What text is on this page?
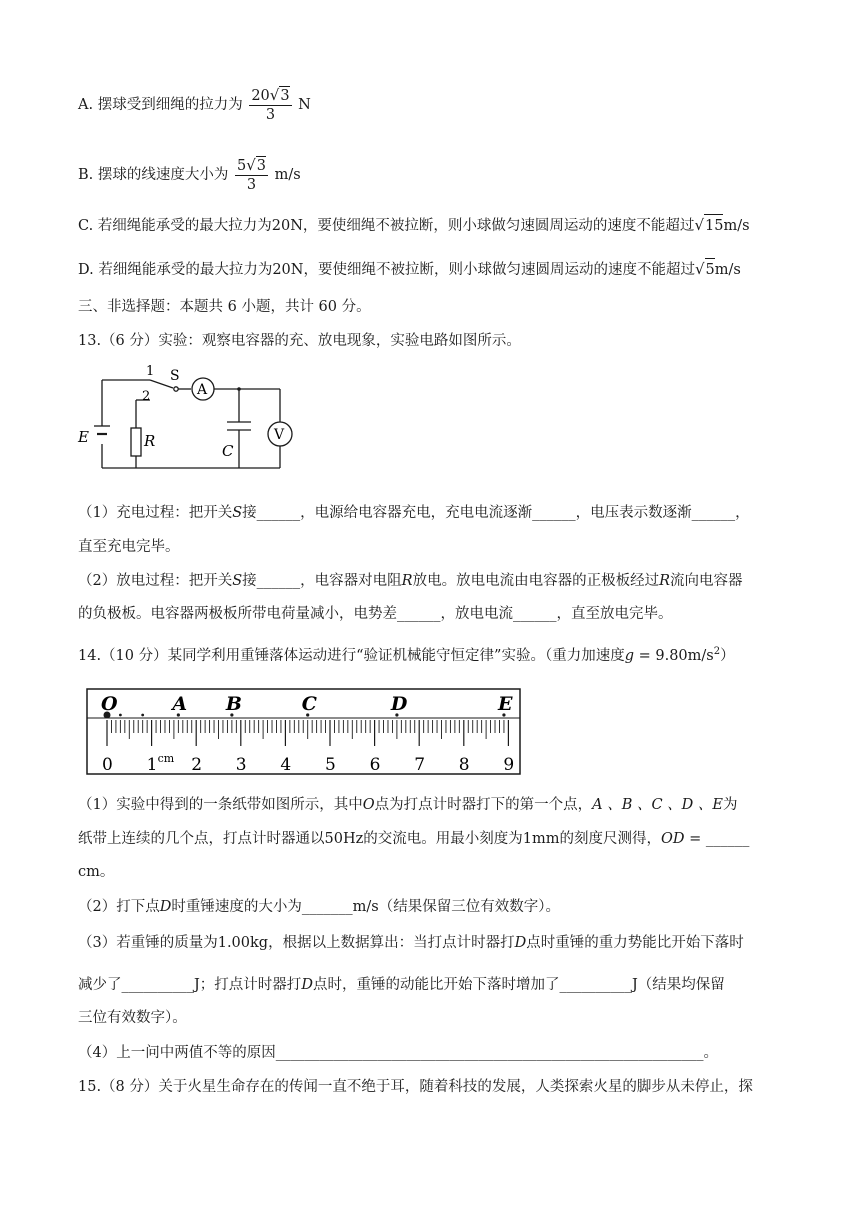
A. 摆球受到细绳的拉力为 $\frac{20√3}{3}$ N
B. 摆球的线速度大小为 $\frac{5√3}{3} m/s$
C. 若细绳能承受的最大拉力为20N，要使细绳不被拉断，则小球做匀速圆周运动的速度不能超过√15m/s
D. 若细绳能承受的最大拉力为20N，要使细绳不被拉断，则小球做匀速圆周运动的速度不能超过√5m/s
三、非选择题：本题共 6 小题，共计 60 分。
13.（6 分）实验：观察电容器的充、放电现象，实验电路如图所示。
E	R
C
S
1
2	A
V
（1）充电过程：把开关S接______，电源给电容器充电，充电电流逐渐______，电压表示数逐渐______，
直至充电完毕。
（2）放电过程：把开关S接______，电容器对电阻R放电。放电电流由电容器的正极板经过R流向电容器
的负极板。电容器两极板所带电荷量减小，电势差______，放电电流______，直至放电完毕。
14.（10 分）某同学利用重锤落体运动进行“验证机械能守恒定律”实验。（重力加速度$g = 9.80m/s^2$）
0 1 2 3 4 5 6 7 8 9
cm
O	A B	C	D	E
（1）实验中得到的一条纸带如图所示，其中O点为打点计时器打下的第一个点，A 、B 、C 、D 、E为
纸带上连续的几个点，打点计时器通以50Hz的交流电。用最小刻度为1mm的刻度尺测得，OD = ______
cm。
（2）打下点D时重锤速度的大小为_______m/s（结果保留三位有效数字）。
（3）若重锤的质量为1.00kg，根据以上数据算出：当打点计时器打D点时重锤的重力势能比开始下落时
减少了__________J；打点计时器打D点时，重锤的动能比开始下落时增加了__________J（结果均保留
三位有效数字）。
（4）上一问中两值不等的原因___________________________________________________________。
15.（8 分）关于火星生命存在的传闻一直不绝于耳，随着科技的发展，人类探索火星的脚步从未停止，探
